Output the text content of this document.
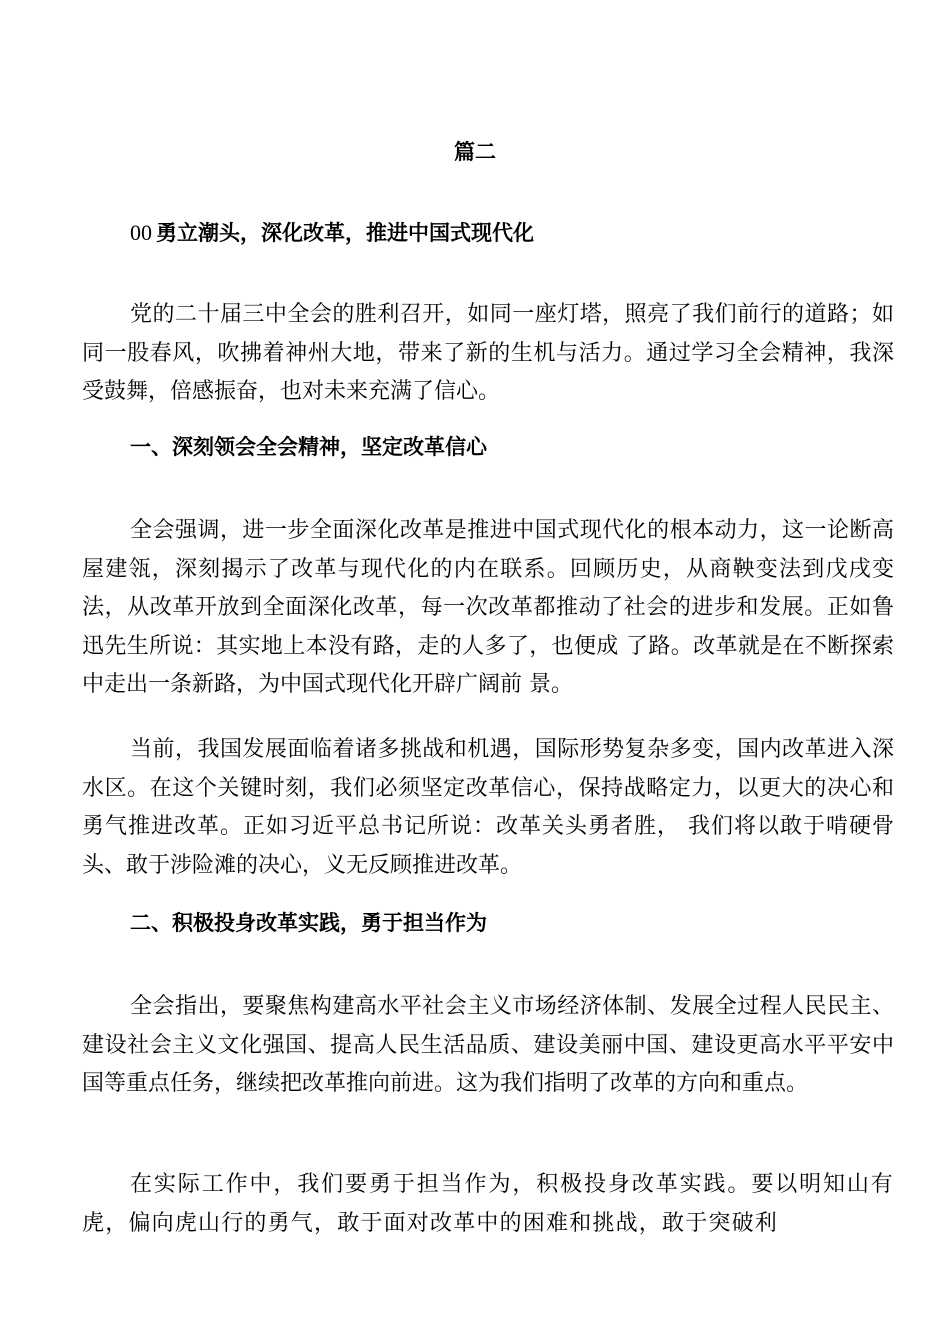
篇二
00 勇立潮头，深化改革，推进中国式现代化

党的二十届三中全会的胜利召开，如同一座灯塔，照亮了我们前行的道路；如同一股春风，吹拂着神州大地，带来了新的生机与活力。通过学习全会精神，我深受鼓舞，倍感振奋，也对未来充满了信心。

一、深刻领会全会精神，坚定改革信心

全会强调，进一步全面深化改革是推进中国式现代化的根本动力，这一论断高屋建瓴，深刻揭示了改革与现代化的内在联系。回顾历史，从商鞅变法到戊戌变法，从改革开放到全面深化改革，每一次改革都推动了社会的进步和发展。正如鲁迅先生所说：其实地上本没有路，走的人多了，也便成 了路。改革就是在不断探索中走出一条新路，为中国式现代化开辟广阔前 景。

当前，我国发展面临着诸多挑战和机遇，国际形势复杂多变，国内改革进入深水区。在这个关键时刻，我们必须坚定改革信心，保持战略定力，以更大的决心和勇气推进改革。正如习近平总书记所说：改革关头勇者胜， 我们将以敢于啃硬骨头、敢于涉险滩的决心，义无反顾推进改革。

二、积极投身改革实践，勇于担当作为

全会指出，要聚焦构建高水平社会主义市场经济体制、发展全过程人民民主、建设社会主义文化强国、提高人民生活品质、建设美丽中国、建设更高水平平安中国等重点任务，继续把改革推向前进。这为我们指明了改革的方向和重点。

在实际工作中，我们要勇于担当作为，积极投身改革实践。要以明知山有虎，偏向虎山行的勇气，敢于面对改革中的困难和挑战，敢于突破利
